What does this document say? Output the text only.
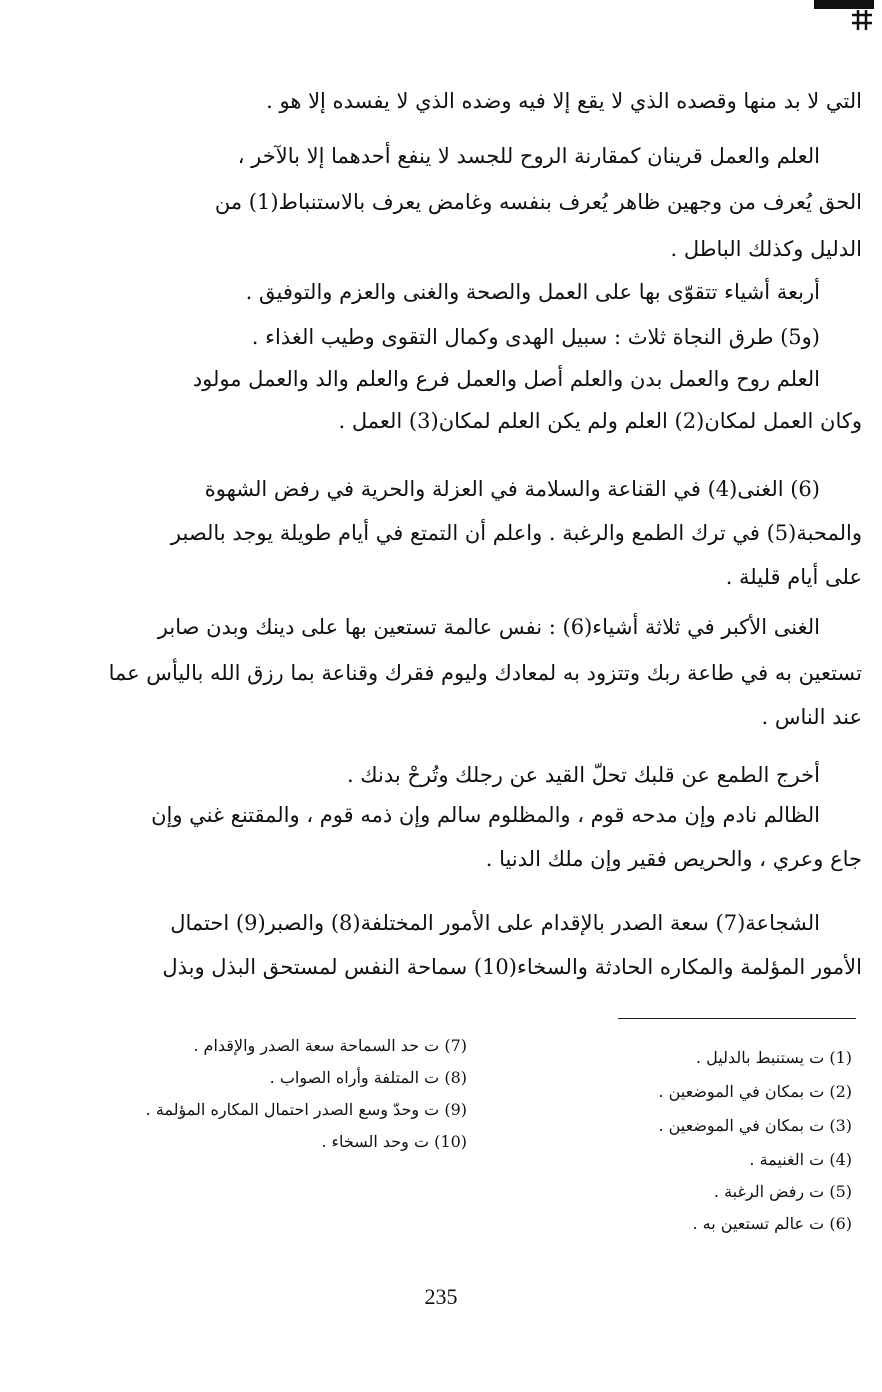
التي لا بد منها وقصده الذي لا يقع إلا فيه وضده الذي لا يفسده إلا هو .
العلم والعمل قرينان كمقارنة الروح للجسد لا ينفع أحدهما إلا بالآخر ،
الحق يُعرف من وجهين ظاهر يُعرف بنفسه وغامض يعرف بالاستنباط(1) من
الدليل وكذلك الباطل .
أربعة أشياء تتقوّى بها على العمل والصحة والغنى والعزم والتوفيق .
(و5) طرق النجاة ثلاث : سبيل الهدى وكمال التقوى وطيب الغذاء .
العلم روح والعمل بدن والعلم أصل والعمل فرع والعلم والد والعمل مولود
وكان العمل لمكان(2) العلم ولم يكن العلم لمكان(3) العمل .
(6) الغنى(4) في القناعة والسلامة في العزلة والحرية في رفض الشهوة
والمحبة(5) في ترك الطمع والرغبة . واعلم أن التمتع في أيام طويلة يوجد بالصبر
على أيام قليلة .
الغنى الأكبر في ثلاثة أشياء(6) : نفس عالمة تستعين بها على دينك وبدن صابر
تستعين به في طاعة ربك وتتزود به لمعادك وليوم فقرك وقناعة بما رزق الله باليأس عما
عند الناس .
أخرج الطمع عن قلبك تحلّ القيد عن رجلك وتُرحْ بدنك .
الظالم نادم وإن مدحه قوم ، والمظلوم سالم وإن ذمه قوم ، والمقتنع غني وإن
جاع وعري ، والحريص فقير وإن ملك الدنيا .
الشجاعة(7) سعة الصدر بالإقدام على الأمور المختلفة(8) والصبر(9) احتمال
الأمور المؤلمة والمكاره الحادثة والسخاء(10) سماحة النفس لمستحق البذل وبذل
(1) ت يستنبط بالدليل .
(2) ت بمكان في الموضعين .
(3) ت بمكان في الموضعين .
(4) ت الغنيمة .
(5) ت رفض الرغبة .
(6) ت عالم تستعين به .
(7) ت حد السماحة سعة الصدر والإقدام .
(8) ت المتلفة وأراه الصواب .
(9) ت وحدّ وسع الصدر احتمال المكاره المؤلمة .
(10) ت وحد السخاء .
235
